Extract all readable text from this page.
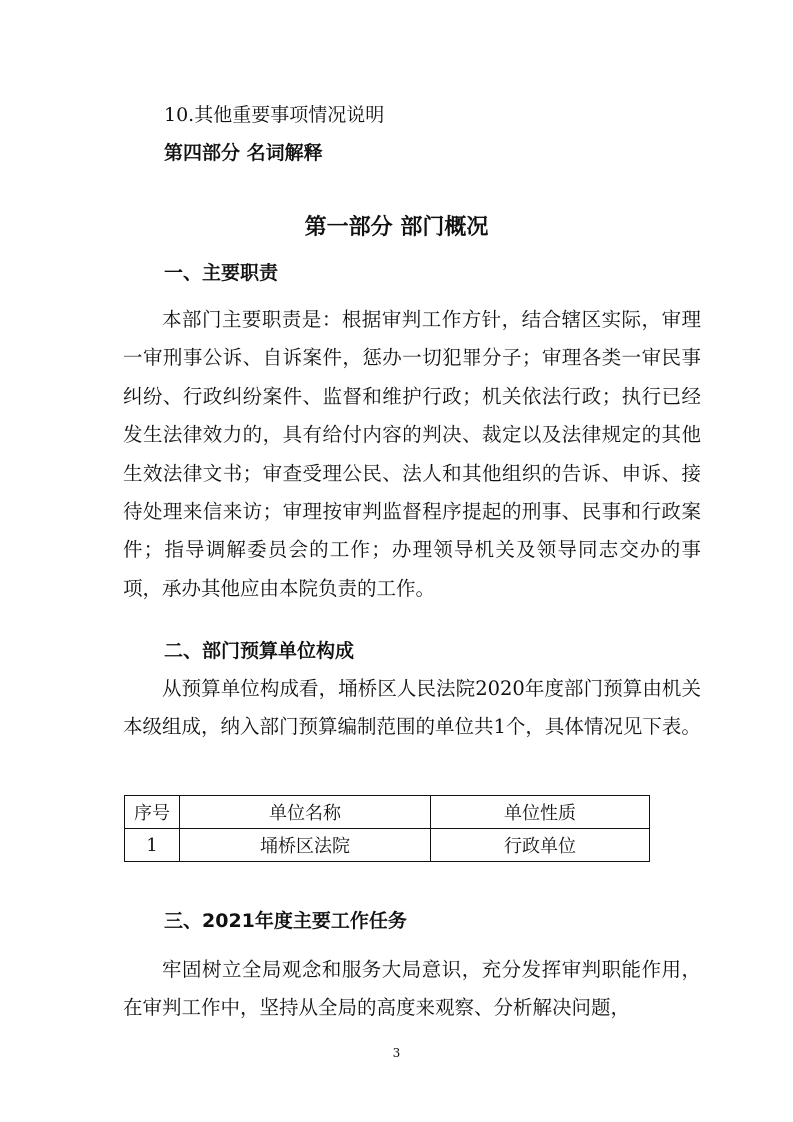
10.其他重要事项情况说明
第四部分 名词解释
第一部分 部门概况
一、主要职责

本部门主要职责是：根据审判工作方针，结合辖区实际，审理一审刑事公诉、自诉案件，惩办一切犯罪分子；审理各类一审民事纠纷、行政纠纷案件、监督和维护行政；机关依法行政；执行已经发生法律效力的，具有给付内容的判决、裁定以及法律规定的其他生效法律文书；审查受理公民、法人和其他组织的告诉、申诉、接待处理来信来访；审理按审判监督程序提起的刑事、民事和行政案件；指导调解委员会的工作；办理领导机关及领导同志交办的事项，承办其他应由本院负责的工作。

二、部门预算单位构成

从预算单位构成看，埇桥区人民法院2020年度部门预算由机关本级组成，纳入部门预算编制范围的单位共1个，具体情况见下表。

序号	单位名称	单位性质
1	埇桥区法院	行政单位
三、2021年度主要工作任务

牢固树立全局观念和服务大局意识，充分发挥审判职能作用，在审判工作中，坚持从全局的高度来观察、分析解决问题，

3
